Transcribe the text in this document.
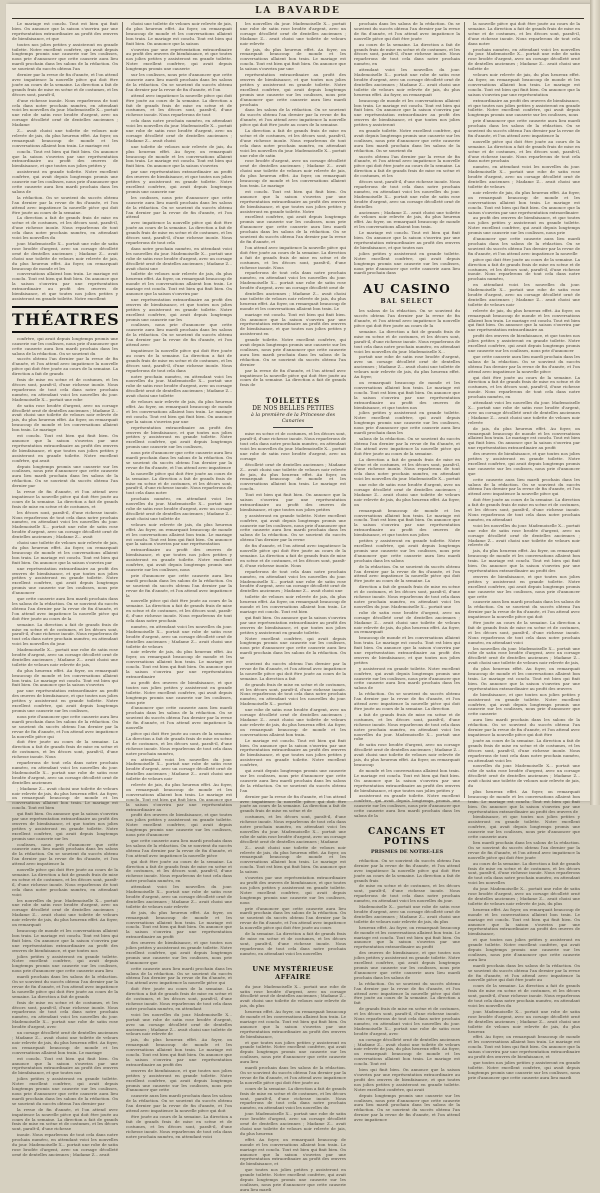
LA BAVARDE

Le mariage est conclu. Tout est bien qui finit bien. On annonce que la saison s'ouvrira par une représentation extraordinaire au profit des œuvres de bienfaisance, et que

toutes nos jolies petites y assisteront en grande toilette. Notre excellent confrère, qui avait depuis longtemps promis une causerie sur les coulisses, nous prie d'annoncer que cette causerie aura lieu mardi prochain dans les salons de la rédaction. On se souvient du succès obtenu l'an

dernier par la revue de fin d'année, et l'on attend avec impatience la nouvelle pièce qui doit être jouée au cours de la semaine. La direction a fait de grands frais de mise en scène et de costumes, et les décors sont, paraît-il,

d'une richesse inouïe. Nous reparlerons de tout cela dans notre prochain numéro, en attendant voici les nouvelles du jour. Mademoiselle X... portait une robe de satin rose brodée d'argent, avec un corsage décolleté orné de dentelles anciennes ; Madame

Z... avait choisi une toilette de velours noir relevée de jais, du plus heureux effet. Au foyer, on remarquait beaucoup de monde et les conversations allaient bon train. Le mariage est

conclu. Tout est bien qui finit bien. On annonce que la saison s'ouvrira par une représentation extraordinaire au profit des œuvres de bienfaisance, et que toutes nos jolies petites y

assisteront en grande toilette. Notre excellent confrère, qui avait depuis longtemps promis une causerie sur les coulisses, nous prie d'annoncer que cette causerie aura lieu mardi prochain dans les salons de

la rédaction. On se souvient du succès obtenu l'an dernier par la revue de fin d'année, et l'on attend avec impatience la nouvelle pièce qui doit être jouée au cours de la semaine.

La direction a fait de grands frais de mise en scène et de costumes, et les décors sont, paraît-il, d'une richesse inouïe. Nous reparlerons de tout cela dans notre prochain numéro, en attendant voici les nouvelles du

jour. Mademoiselle X... portait une robe de satin rose brodée d'argent, avec un corsage décolleté orné de dentelles anciennes ; Madame Z... avait choisi une toilette de velours noir relevée de jais, du plus heureux effet. Au foyer, on remarquait beaucoup de monde et les

conversations allaient bon train. Le mariage est conclu. Tout est bien qui finit bien. On annonce que la saison s'ouvrira par une représentation extraordinaire au profit des œuvres de bienfaisance, et que toutes nos jolies petites y assisteront en grande toilette. Notre excellent

THÉATRES

confrère, qui avait depuis longtemps promis une causerie sur les coulisses, nous prie d'annoncer que cette causerie aura lieu mardi prochain dans les salons de la rédaction. On se souvient du

succès obtenu l'an dernier par la revue de fin d'année, et l'on attend avec impatience la nouvelle pièce qui doit être jouée au cours de la semaine. La direction a fait de grands

frais de mise en scène et de costumes, et les décors sont, paraît-il, d'une richesse inouïe. Nous reparlerons de tout cela dans notre prochain numéro, en attendant voici les nouvelles du jour. Mademoiselle X... portait une robe

de satin rose brodée d'argent, avec un corsage décolleté orné de dentelles anciennes ; Madame Z... avait choisi une toilette de velours noir relevée de jais, du plus heureux effet. Au foyer, on remarquait beaucoup de monde et les conversations allaient bon train. Le mariage

est conclu. Tout est bien qui finit bien. On annonce que la saison s'ouvrira par une représentation extraordinaire au profit des œuvres de bienfaisance, et que toutes nos jolies petites y assisteront en grande toilette. Notre excellent confrère, qui avait

depuis longtemps promis une causerie sur les coulisses, nous prie d'annoncer que cette causerie aura lieu mardi prochain dans les salons de la rédaction. On se souvient du succès obtenu l'an dernier par

la revue de fin d'année, et l'on attend avec impatience la nouvelle pièce qui doit être jouée au cours de la semaine. La direction a fait de grands frais de mise en scène et de costumes, et

les décors sont, paraît-il, d'une richesse inouïe. Nous reparlerons de tout cela dans notre prochain numéro, en attendant voici les nouvelles du jour. Mademoiselle X... portait une robe de satin rose brodée d'argent, avec un corsage décolleté orné de dentelles anciennes ; Madame Z... avait

choisi une toilette de velours noir relevée de jais, du plus heureux effet. Au foyer, on remarquait beaucoup de monde et les conversations allaient bon train. Le mariage est conclu. Tout est bien qui finit bien. On annonce que la saison s'ouvrira par

une représentation extraordinaire au profit des œuvres de bienfaisance, et que toutes nos jolies petites y assisteront en grande toilette. Notre excellent confrère, qui avait depuis longtemps promis une causerie sur les coulisses, nous prie d'annoncer

que cette causerie aura lieu mardi prochain dans les salons de la rédaction. On se souvient du succès obtenu l'an dernier par la revue de fin d'année, et l'on attend avec impatience la nouvelle pièce qui doit être jouée au cours de la

semaine. La direction a fait de grands frais de mise en scène et de costumes, et les décors sont, paraît-il, d'une richesse inouïe. Nous reparlerons de tout cela dans notre prochain numéro, en attendant voici les nouvelles du jour.

Mademoiselle X... portait une robe de satin rose brodée d'argent, avec un corsage décolleté orné de dentelles anciennes ; Madame Z... avait choisi une toilette de velours noir relevée de jais,

du plus heureux effet. Au foyer, on remarquait beaucoup de monde et les conversations allaient bon train. Le mariage est conclu. Tout est bien qui finit bien. On annonce que la saison s'ouvrira

par une représentation extraordinaire au profit des œuvres de bienfaisance, et que toutes nos jolies petites y assisteront en grande toilette. Notre excellent confrère, qui avait depuis longtemps promis une causerie sur les coulisses,

nous prie d'annoncer que cette causerie aura lieu mardi prochain dans les salons de la rédaction. On se souvient du succès obtenu l'an dernier par la revue de fin d'année, et l'on attend avec impatience la nouvelle pièce qui

doit être jouée au cours de la semaine. La direction a fait de grands frais de mise en scène et de costumes, et les décors sont, paraît-il, d'une richesse inouïe. Nous

reparlerons de tout cela dans notre prochain numéro, en attendant voici les nouvelles du jour. Mademoiselle X... portait une robe de satin rose brodée d'argent, avec un corsage décolleté orné de dentelles anciennes

; Madame Z... avait choisi une toilette de velours noir relevée de jais, du plus heureux effet. Au foyer, on remarquait beaucoup de monde et les conversations allaient bon train. Le mariage est conclu. Tout est bien

qui finit bien. On annonce que la saison s'ouvrira par une représentation extraordinaire au profit des œuvres de bienfaisance, et que toutes nos jolies petites y assisteront en grande toilette. Notre excellent confrère, qui avait depuis longtemps promis une causerie sur les

coulisses, nous prie d'annoncer que cette causerie aura lieu mardi prochain dans les salons de la rédaction. On se souvient du succès obtenu l'an dernier par la revue de fin d'année, et l'on attend avec impatience la

nouvelle pièce qui doit être jouée au cours de la semaine. La direction a fait de grands frais de mise en scène et de costumes, et les décors sont, paraît-il, d'une richesse inouïe. Nous reparlerons de tout cela dans notre prochain numéro, en attendant voici

les nouvelles du jour. Mademoiselle X... portait une robe de satin rose brodée d'argent, avec un corsage décolleté orné de dentelles anciennes ; Madame Z... avait choisi une toilette de velours noir relevée de jais, du plus heureux effet. Au foyer, on remarquait

beaucoup de monde et les conversations allaient bon train. Le mariage est conclu. Tout est bien qui finit bien. On annonce que la saison s'ouvrira par une représentation extraordinaire au profit des œuvres de bienfaisance, et que toutes nos

jolies petites y assisteront en grande toilette. Notre excellent confrère, qui avait depuis longtemps promis une causerie sur les coulisses, nous prie d'annoncer que cette causerie aura lieu

mardi prochain dans les salons de la rédaction. On se souvient du succès obtenu l'an dernier par la revue de fin d'année, et l'on attend avec impatience la nouvelle pièce qui doit être jouée au cours de la semaine. La direction a fait de grands

frais de mise en scène et de costumes, et les décors sont, paraît-il, d'une richesse inouïe. Nous reparlerons de tout cela dans notre prochain numéro, en attendant voici les nouvelles du jour. Mademoiselle X... portait une robe de satin rose brodée d'argent, avec

un corsage décolleté orné de dentelles anciennes ; Madame Z... avait choisi une toilette de velours noir relevée de jais, du plus heureux effet. Au foyer, on remarquait beaucoup de monde et les conversations allaient bon train. Le mariage

est conclu. Tout est bien qui finit bien. On annonce que la saison s'ouvrira par une représentation extraordinaire au profit des œuvres de bienfaisance, et que toutes nos

jolies petites y assisteront en grande toilette. Notre excellent confrère, qui avait depuis longtemps promis une causerie sur les coulisses, nous prie d'annoncer que cette causerie aura lieu mardi prochain dans les salons de la rédaction. On se souvient du succès obtenu l'an dernier par

la revue de fin d'année, et l'on attend avec impatience la nouvelle pièce qui doit être jouée au cours de la semaine. La direction a fait de grands frais de mise en scène et de costumes, et les décors sont, paraît-il, d'une richesse

inouïe. Nous reparlerons de tout cela dans notre prochain numéro, en attendant voici les nouvelles du jour. Mademoiselle X... portait une robe de satin rose brodée d'argent, avec un corsage décolleté orné de dentelles anciennes ; Madame Z... avait

choisi une toilette de velours noir relevée de jais, du plus heureux effet. Au foyer, on remarquait beaucoup de monde et les conversations allaient bon train. Le mariage est conclu. Tout est bien qui finit bien. On annonce que la saison

s'ouvrira par une représentation extraordinaire au profit des œuvres de bienfaisance, et que toutes nos jolies petites y assisteront en grande toilette. Notre excellent confrère, qui avait depuis longtemps promis une causerie

sur les coulisses, nous prie d'annoncer que cette causerie aura lieu mardi prochain dans les salons de la rédaction. On se souvient du succès obtenu l'an dernier par la revue de fin d'année, et l'on

attend avec impatience la nouvelle pièce qui doit être jouée au cours de la semaine. La direction a fait de grands frais de mise en scène et de costumes, et les décors sont, paraît-il, d'une richesse inouïe. Nous reparlerons de tout

cela dans notre prochain numéro, en attendant voici les nouvelles du jour. Mademoiselle X... portait une robe de satin rose brodée d'argent, avec un corsage décolleté orné de dentelles anciennes ; Madame Z... avait choisi

une toilette de velours noir relevée de jais, du plus heureux effet. Au foyer, on remarquait beaucoup de monde et les conversations allaient bon train. Le mariage est conclu. Tout est bien qui finit bien. On annonce que la saison s'ouvrira

par une représentation extraordinaire au profit des œuvres de bienfaisance, et que toutes nos jolies petites y assisteront en grande toilette. Notre excellent confrère, qui avait depuis longtemps promis une causerie sur

les coulisses, nous prie d'annoncer que cette causerie aura lieu mardi prochain dans les salons de la rédaction. On se souvient du succès obtenu l'an dernier par la revue de fin d'année, et l'on attend

avec impatience la nouvelle pièce qui doit être jouée au cours de la semaine. La direction a fait de grands frais de mise en scène et de costumes, et les décors sont, paraît-il, d'une richesse inouïe. Nous reparlerons de tout cela

dans notre prochain numéro, en attendant voici les nouvelles du jour. Mademoiselle X... portait une robe de satin rose brodée d'argent, avec un corsage décolleté orné de dentelles anciennes ; Madame Z... avait choisi une

toilette de velours noir relevée de jais, du plus heureux effet. Au foyer, on remarquait beaucoup de monde et les conversations allaient bon train. Le mariage est conclu. Tout est bien qui finit bien. On annonce que la saison s'ouvrira par

une représentation extraordinaire au profit des œuvres de bienfaisance, et que toutes nos jolies petites y assisteront en grande toilette. Notre excellent confrère, qui avait depuis longtemps promis une causerie sur les

coulisses, nous prie d'annoncer que cette causerie aura lieu mardi prochain dans les salons de la rédaction. On se souvient du succès obtenu l'an dernier par la revue de fin d'année, et l'on attend avec

impatience la nouvelle pièce qui doit être jouée au cours de la semaine. La direction a fait de grands frais de mise en scène et de costumes, et les décors sont, paraît-il, d'une richesse inouïe. Nous reparlerons de tout cela dans

notre prochain numéro, en attendant voici les nouvelles du jour. Mademoiselle X... portait une robe de satin rose brodée d'argent, avec un corsage décolleté orné de dentelles anciennes ; Madame Z... avait choisi une toilette

de velours noir relevée de jais, du plus heureux effet. Au foyer, on remarquait beaucoup de monde et les conversations allaient bon train. Le mariage est conclu. Tout est bien qui finit bien. On annonce que la saison s'ouvrira par une

représentation extraordinaire au profit des œuvres de bienfaisance, et que toutes nos jolies petites y assisteront en grande toilette. Notre excellent confrère, qui avait depuis longtemps promis une causerie sur les coulisses,

nous prie d'annoncer que cette causerie aura lieu mardi prochain dans les salons de la rédaction. On se souvient du succès obtenu l'an dernier par la revue de fin d'année, et l'on attend avec impatience

la nouvelle pièce qui doit être jouée au cours de la semaine. La direction a fait de grands frais de mise en scène et de costumes, et les décors sont, paraît-il, d'une richesse inouïe. Nous reparlerons de tout cela dans notre

prochain numéro, en attendant voici les nouvelles du jour. Mademoiselle X... portait une robe de satin rose brodée d'argent, avec un corsage décolleté orné de dentelles anciennes ; Madame Z... avait choisi une toilette de

velours noir relevée de jais, du plus heureux effet. Au foyer, on remarquait beaucoup de monde et les conversations allaient bon train. Le mariage est conclu. Tout est bien qui finit bien. On annonce que la saison s'ouvrira par une représentation

extraordinaire au profit des œuvres de bienfaisance, et que toutes nos jolies petites y assisteront en grande toilette. Notre excellent confrère, qui avait depuis longtemps promis une causerie sur les coulisses, nous

prie d'annoncer que cette causerie aura lieu mardi prochain dans les salons de la rédaction. On se souvient du succès obtenu l'an dernier par la revue de fin d'année, et l'on attend avec impatience la

nouvelle pièce qui doit être jouée au cours de la semaine. La direction a fait de grands frais de mise en scène et de costumes, et les décors sont, paraît-il, d'une richesse inouïe. Nous reparlerons de tout cela dans notre prochain

numéro, en attendant voici les nouvelles du jour. Mademoiselle X... portait une robe de satin rose brodée d'argent, avec un corsage décolleté orné de dentelles anciennes ; Madame Z... avait choisi une toilette de velours

noir relevée de jais, du plus heureux effet. Au foyer, on remarquait beaucoup de monde et les conversations allaient bon train. Le mariage est conclu. Tout est bien qui finit bien. On annonce que la saison s'ouvrira par une représentation extraordinaire

au profit des œuvres de bienfaisance, et que toutes nos jolies petites y assisteront en grande toilette. Notre excellent confrère, qui avait depuis longtemps promis une causerie sur les coulisses, nous prie

d'annoncer que cette causerie aura lieu mardi prochain dans les salons de la rédaction. On se souvient du succès obtenu l'an dernier par la revue de fin d'année, et l'on attend avec impatience la nouvelle

pièce qui doit être jouée au cours de la semaine. La direction a fait de grands frais de mise en scène et de costumes, et les décors sont, paraît-il, d'une richesse inouïe. Nous reparlerons de tout cela dans notre prochain numéro,

en attendant voici les nouvelles du jour. Mademoiselle X... portait une robe de satin rose brodée d'argent, avec un corsage décolleté orné de dentelles anciennes ; Madame Z... avait choisi une toilette de velours noir

relevée de jais, du plus heureux effet. Au foyer, on remarquait beaucoup de monde et les conversations allaient bon train. Le mariage est conclu. Tout est bien qui finit bien. On annonce que la saison s'ouvrira par une représentation extraordinaire au

profit des œuvres de bienfaisance, et que toutes nos jolies petites y assisteront en grande toilette. Notre excellent confrère, qui avait depuis longtemps promis une causerie sur les coulisses, nous prie d'annoncer

que cette causerie aura lieu mardi prochain dans les salons de la rédaction. On se souvient du succès obtenu l'an dernier par la revue de fin d'année, et l'on attend avec impatience la nouvelle pièce

qui doit être jouée au cours de la semaine. La direction a fait de grands frais de mise en scène et de costumes, et les décors sont, paraît-il, d'une richesse inouïe. Nous reparlerons de tout cela dans notre prochain numéro, en

attendant voici les nouvelles du jour. Mademoiselle X... portait une robe de satin rose brodée d'argent, avec un corsage décolleté orné de dentelles anciennes ; Madame Z... avait choisi une toilette de velours noir relevée

de jais, du plus heureux effet. Au foyer, on remarquait beaucoup de monde et les conversations allaient bon train. Le mariage est conclu. Tout est bien qui finit bien. On annonce que la saison s'ouvrira par une représentation extraordinaire au profit

des œuvres de bienfaisance, et que toutes nos jolies petites y assisteront en grande toilette. Notre excellent confrère, qui avait depuis longtemps promis une causerie sur les coulisses, nous prie d'annoncer que

cette causerie aura lieu mardi prochain dans les salons de la rédaction. On se souvient du succès obtenu l'an dernier par la revue de fin d'année, et l'on attend avec impatience la nouvelle pièce qui

doit être jouée au cours de la semaine. La direction a fait de grands frais de mise en scène et de costumes, et les décors sont, paraît-il, d'une richesse inouïe. Nous reparlerons de tout cela dans notre prochain numéro, en attendant

voici les nouvelles du jour. Mademoiselle X... portait une robe de satin rose brodée d'argent, avec un corsage décolleté orné de dentelles anciennes ; Madame Z... avait choisi une toilette de velours noir relevée de

jais, du plus heureux effet. Au foyer, on remarquait beaucoup de monde et les conversations allaient bon train. Le mariage est conclu. Tout est bien qui finit bien. On annonce que la saison s'ouvrira par une représentation extraordinaire au profit des

œuvres de bienfaisance, et que toutes nos jolies petites y assisteront en grande toilette. Notre excellent confrère, qui avait depuis longtemps promis une causerie sur les coulisses, nous prie d'annoncer que cette

causerie aura lieu mardi prochain dans les salons de la rédaction. On se souvient du succès obtenu l'an dernier par la revue de fin d'année, et l'on attend avec impatience la nouvelle pièce qui doit

être jouée au cours de la semaine. La direction a fait de grands frais de mise en scène et de costumes, et les décors sont, paraît-il, d'une richesse inouïe. Nous reparlerons de tout cela dans notre prochain numéro, en attendant voici

les nouvelles du jour. Mademoiselle X... portait une robe de satin rose brodée d'argent, avec un corsage décolleté orné de dentelles anciennes ; Madame Z... avait choisi une toilette de velours noir relevée

de jais, du plus heureux effet. Au foyer, on remarquait beaucoup de monde et les conversations allaient bon train. Le mariage est conclu. Tout est bien qui finit bien. On annonce que la saison s'ouvrira par une

représentation extraordinaire au profit des œuvres de bienfaisance, et que toutes nos jolies petites y assisteront en grande toilette. Notre excellent confrère, qui avait depuis longtemps promis une causerie sur les coulisses, nous prie d'annoncer que cette causerie aura lieu mardi prochain

dans les salons de la rédaction. On se souvient du succès obtenu l'an dernier par la revue de fin d'année, et l'on attend avec impatience la nouvelle pièce qui doit être jouée au cours de la semaine.

La direction a fait de grands frais de mise en scène et de costumes, et les décors sont, paraît-il, d'une richesse inouïe. Nous reparlerons de tout cela dans notre prochain numéro, en attendant voici les nouvelles du jour. Mademoiselle X... portait une robe de satin

rose brodée d'argent, avec un corsage décolleté orné de dentelles anciennes ; Madame Z... avait choisi une toilette de velours noir relevée de jais, du plus heureux effet. Au foyer, on remarquait beaucoup de monde et les conversations allaient bon train. Le mariage

est conclu. Tout est bien qui finit bien. On annonce que la saison s'ouvrira par une représentation extraordinaire au profit des œuvres de bienfaisance, et que toutes nos jolies petites y assisteront en grande toilette. Notre

excellent confrère, qui avait depuis longtemps promis une causerie sur les coulisses, nous prie d'annoncer que cette causerie aura lieu mardi prochain dans les salons de la rédaction. On se souvient du succès obtenu l'an dernier par la revue de fin d'année, et

l'on attend avec impatience la nouvelle pièce qui doit être jouée au cours de la semaine. La direction a fait de grands frais de mise en scène et de costumes, et les décors sont, paraît-il, d'une richesse inouïe. Nous

reparlerons de tout cela dans notre prochain numéro, en attendant voici les nouvelles du jour. Mademoiselle X... portait une robe de satin rose brodée d'argent, avec un corsage décolleté orné de

dentelles anciennes ; Madame Z... avait choisi une toilette de velours noir relevée de jais, du plus heureux effet. Au foyer, on remarquait beaucoup de monde et les conversations allaient bon train. Le

mariage est conclu. Tout est bien qui finit bien. On annonce que la saison s'ouvrira par une représentation extraordinaire au profit des œuvres de bienfaisance, et que toutes nos jolies petites y assisteront en

grande toilette. Notre excellent confrère, qui avait depuis longtemps promis une causerie sur les coulisses, nous prie d'annoncer que cette causerie aura lieu mardi prochain dans les salons de la rédaction. On se souvient du succès obtenu l'an dernier

par la revue de fin d'année, et l'on attend avec impatience la nouvelle pièce qui doit être jouée au cours de la semaine. La direction a fait de grands frais de

TOILETTES
DE NOS BELLES PETITES
à la première de la Princesse des Canaries

mise en scène et de costumes, et les décors sont, paraît-il, d'une richesse inouïe. Nous reparlerons de tout cela dans notre prochain numéro, en attendant voici les nouvelles du jour. Mademoiselle X... portait une robe de satin rose brodée d'argent, avec un corsage

décolleté orné de dentelles anciennes ; Madame Z... avait choisi une toilette de velours noir relevée de jais, du plus heureux effet. Au foyer, on remarquait beaucoup de monde et les conversations allaient bon train. Le mariage est conclu.

Tout est bien qui finit bien. On annonce que la saison s'ouvrira par une représentation extraordinaire au profit des œuvres de bienfaisance, et que toutes nos jolies petites

y assisteront en grande toilette. Notre excellent confrère, qui avait depuis longtemps promis une causerie sur les coulisses, nous prie d'annoncer que cette causerie aura lieu mardi prochain dans les salons de la rédaction. On se souvient du succès obtenu l'an dernier par la revue

de fin d'année, et l'on attend avec impatience la nouvelle pièce qui doit être jouée au cours de la semaine. La direction a fait de grands frais de mise en scène et de costumes, et les décors sont, paraît-il, d'une richesse inouïe. Nous

reparlerons de tout cela dans notre prochain numéro, en attendant voici les nouvelles du jour. Mademoiselle X... portait une robe de satin rose brodée d'argent, avec un corsage décolleté orné de dentelles anciennes ; Madame Z... avait choisi une

toilette de velours noir relevée de jais, du plus heureux effet. Au foyer, on remarquait beaucoup de monde et les conversations allaient bon train. Le mariage est conclu. Tout est bien

qui finit bien. On annonce que la saison s'ouvrira par une représentation extraordinaire au profit des œuvres de bienfaisance, et que toutes nos jolies petites y assisteront en grande toilette.

Notre excellent confrère, qui avait depuis longtemps promis une causerie sur les coulisses, nous prie d'annoncer que cette causerie aura lieu mardi prochain dans les salons de la rédaction. On se

souvient du succès obtenu l'an dernier par la revue de fin d'année, et l'on attend avec impatience la nouvelle pièce qui doit être jouée au cours de la semaine. La direction a fait

de grands frais de mise en scène et de costumes, et les décors sont, paraît-il, d'une richesse inouïe. Nous reparlerons de tout cela dans notre prochain numéro, en attendant voici les nouvelles du jour. Mademoiselle X... portait

une robe de satin rose brodée d'argent, avec un corsage décolleté orné de dentelles anciennes ; Madame Z... avait choisi une toilette de velours noir relevée de jais, du plus heureux effet. Au foyer, on remarquait beaucoup de monde et les conversations allaient bon train.

Le mariage est conclu. Tout est bien qui finit bien. On annonce que la saison s'ouvrira par une représentation extraordinaire au profit des œuvres de bienfaisance, et que toutes nos jolies petites y assisteront en grande toilette. Notre excellent confrère,

qui avait depuis longtemps promis une causerie sur les coulisses, nous prie d'annoncer que cette causerie aura lieu mardi prochain dans les salons de la rédaction. On se souvient du succès obtenu l'an

dernier par la revue de fin d'année, et l'on attend avec impatience la nouvelle pièce qui doit être jouée au cours de la semaine. La direction a fait de grands frais de mise en scène et de

costumes, et les décors sont, paraît-il, d'une richesse inouïe. Nous reparlerons de tout cela dans notre prochain numéro, en attendant voici les nouvelles du jour. Mademoiselle X... portait une robe de satin rose brodée d'argent, avec un corsage décolleté orné de dentelles anciennes ; Madame

Z... avait choisi une toilette de velours noir relevée de jais, du plus heureux effet. Au foyer, on remarquait beaucoup de monde et les conversations allaient bon train. Le mariage est conclu. Tout est bien qui finit bien. On annonce que la saison

s'ouvrira par une représentation extraordinaire au profit des œuvres de bienfaisance, et que toutes nos jolies petites y assisteront en grande toilette. Notre excellent confrère, qui avait depuis longtemps promis une causerie sur les coulisses, nous

prie d'annoncer que cette causerie aura lieu mardi prochain dans les salons de la rédaction. On se souvient du succès obtenu l'an dernier par la revue de fin d'année, et l'on attend avec impatience la nouvelle pièce qui doit être jouée au cours

de la semaine. La direction a fait de grands frais de mise en scène et de costumes, et les décors sont, paraît-il, d'une richesse inouïe. Nous reparlerons de tout cela dans notre prochain numéro, en attendant voici les nouvelles

UNE MYSTÉRIEUSE AFFAIRE

du jour. Mademoiselle X... portait une robe de satin rose brodée d'argent, avec un corsage décolleté orné de dentelles anciennes ; Madame Z... avait choisi une toilette de velours noir relevée de jais, du plus

heureux effet. Au foyer, on remarquait beaucoup de monde et les conversations allaient bon train. Le mariage est conclu. Tout est bien qui finit bien. On annonce que la saison s'ouvrira par une représentation extraordinaire au profit des œuvres de bienfaisance,

et que toutes nos jolies petites y assisteront en grande toilette. Notre excellent confrère, qui avait depuis longtemps promis une causerie sur les coulisses, nous prie d'annoncer que cette causerie aura lieu

mardi prochain dans les salons de la rédaction. On se souvient du succès obtenu l'an dernier par la revue de fin d'année, et l'on attend avec impatience la nouvelle pièce qui doit être jouée au

cours de la semaine. La direction a fait de grands frais de mise en scène et de costumes, et les décors sont, paraît-il, d'une richesse inouïe. Nous reparlerons de tout cela dans notre prochain numéro, en attendant voici les nouvelles du

jour. Mademoiselle X... portait une robe de satin rose brodée d'argent, avec un corsage décolleté orné de dentelles anciennes ; Madame Z... avait choisi une toilette de velours noir relevée de jais, du plus heureux

effet. Au foyer, on remarquait beaucoup de monde et les conversations allaient bon train. Le mariage est conclu. Tout est bien qui finit bien. On annonce que la saison s'ouvrira par une représentation extraordinaire au profit des œuvres de bienfaisance, et

que toutes nos jolies petites y assisteront en grande toilette. Notre excellent confrère, qui avait depuis longtemps promis une causerie sur les coulisses, nous prie d'annoncer que cette causerie aura lieu mardi

prochain dans les salons de la rédaction. On se souvient du succès obtenu l'an dernier par la revue de fin d'année, et l'on attend avec impatience la nouvelle pièce qui doit être jouée

au cours de la semaine. La direction a fait de grands frais de mise en scène et de costumes, et les décors sont, paraît-il, d'une richesse inouïe. Nous reparlerons de tout cela dans notre prochain numéro, en

attendant voici les nouvelles du jour. Mademoiselle X... portait une robe de satin rose brodée d'argent, avec un corsage décolleté orné de dentelles anciennes ; Madame Z... avait choisi une toilette de velours noir relevée de jais, du plus heureux effet. Au foyer, on remarquait

beaucoup de monde et les conversations allaient bon train. Le mariage est conclu. Tout est bien qui finit bien. On annonce que la saison s'ouvrira par une représentation extraordinaire au profit des œuvres de bienfaisance, et que toutes nos jolies petites y assisteront

en grande toilette. Notre excellent confrère, qui avait depuis longtemps promis une causerie sur les coulisses, nous prie d'annoncer que cette causerie aura lieu mardi prochain dans les salons de la rédaction. On se souvient du

succès obtenu l'an dernier par la revue de fin d'année, et l'on attend avec impatience la nouvelle pièce qui doit être jouée au cours de la semaine. La direction a fait de grands frais de mise en scène et de costumes, et les

décors sont, paraît-il, d'une richesse inouïe. Nous reparlerons de tout cela dans notre prochain numéro, en attendant voici les nouvelles du jour. Mademoiselle X... portait une robe de satin rose brodée d'argent, avec un corsage décolleté orné de dentelles

anciennes ; Madame Z... avait choisi une toilette de velours noir relevée de jais, du plus heureux effet. Au foyer, on remarquait beaucoup de monde et les conversations allaient bon train.

Le mariage est conclu. Tout est bien qui finit bien. On annonce que la saison s'ouvrira par une représentation extraordinaire au profit des œuvres de bienfaisance, et que toutes nos

jolies petites y assisteront en grande toilette. Notre excellent confrère, qui avait depuis longtemps promis une causerie sur les coulisses, nous prie d'annoncer que cette causerie aura lieu mardi prochain dans

AU CASINO
BAL SELECT

les salons de la rédaction. On se souvient du succès obtenu l'an dernier par la revue de fin d'année, et l'on attend avec impatience la nouvelle pièce qui doit être jouée au cours de la

semaine. La direction a fait de grands frais de mise en scène et de costumes, et les décors sont, paraît-il, d'une richesse inouïe. Nous reparlerons de tout cela dans notre prochain numéro, en attendant voici les nouvelles du jour. Mademoiselle X...

portait une robe de satin rose brodée d'argent, avec un corsage décolleté orné de dentelles anciennes ; Madame Z... avait choisi une toilette de velours noir relevée de jais, du plus heureux effet. Au foyer,

on remarquait beaucoup de monde et les conversations allaient bon train. Le mariage est conclu. Tout est bien qui finit bien. On annonce que la saison s'ouvrira par une représentation extraordinaire au profit des œuvres de bienfaisance, et que toutes nos

jolies petites y assisteront en grande toilette. Notre excellent confrère, qui avait depuis longtemps promis une causerie sur les coulisses, nous prie d'annoncer que cette causerie aura lieu mardi prochain dans les

salons de la rédaction. On se souvient du succès obtenu l'an dernier par la revue de fin d'année, et l'on attend avec impatience la nouvelle pièce qui doit être jouée au cours de la semaine.

La direction a fait de grands frais de mise en scène et de costumes, et les décors sont, paraît-il, d'une richesse inouïe. Nous reparlerons de tout cela dans notre prochain numéro, en attendant voici les nouvelles du jour. Mademoiselle X... portait

une robe de satin rose brodée d'argent, avec un corsage décolleté orné de dentelles anciennes ; Madame Z... avait choisi une toilette de velours noir relevée de jais, du plus heureux effet. Au foyer, on

remarquait beaucoup de monde et les conversations allaient bon train. Le mariage est conclu. Tout est bien qui finit bien. On annonce que la saison s'ouvrira par une représentation extraordinaire au profit des œuvres de bienfaisance, et que toutes nos jolies

petites y assisteront en grande toilette. Notre excellent confrère, qui avait depuis longtemps promis une causerie sur les coulisses, nous prie d'annoncer que cette causerie aura lieu mardi prochain dans les salons

de la rédaction. On se souvient du succès obtenu l'an dernier par la revue de fin d'année, et l'on attend avec impatience la nouvelle pièce qui doit être jouée au cours de la semaine. La

direction a fait de grands frais de mise en scène et de costumes, et les décors sont, paraît-il, d'une richesse inouïe. Nous reparlerons de tout cela dans notre prochain numéro, en attendant voici les nouvelles du jour. Mademoiselle X... portait une

robe de satin rose brodée d'argent, avec un corsage décolleté orné de dentelles anciennes ; Madame Z... avait choisi une toilette de velours noir relevée de jais, du plus heureux effet. Au foyer, on remarquait

beaucoup de monde et les conversations allaient bon train. Le mariage est conclu. Tout est bien qui finit bien. On annonce que la saison s'ouvrira par une représentation extraordinaire au profit des œuvres de bienfaisance, et que toutes nos jolies petites

y assisteront en grande toilette. Notre excellent confrère, qui avait depuis longtemps promis une causerie sur les coulisses, nous prie d'annoncer que cette causerie aura lieu mardi prochain dans les salons de

la rédaction. On se souvient du succès obtenu l'an dernier par la revue de fin d'année, et l'on attend avec impatience la nouvelle pièce qui doit être jouée au cours de la semaine. La direction

a fait de grands frais de mise en scène et de costumes, et les décors sont, paraît-il, d'une richesse inouïe. Nous reparlerons de tout cela dans notre prochain numéro, en attendant voici les nouvelles du jour. Mademoiselle X... portait une robe

de satin rose brodée d'argent, avec un corsage décolleté orné de dentelles anciennes ; Madame Z... avait choisi une toilette de velours noir relevée de jais, du plus heureux effet. Au foyer, on remarquait beaucoup

de monde et les conversations allaient bon train. Le mariage est conclu. Tout est bien qui finit bien. On annonce que la saison s'ouvrira par une représentation extraordinaire au profit des œuvres de bienfaisance, et que toutes nos jolies petites y

assisteront en grande toilette. Notre excellent confrère, qui avait depuis longtemps promis une causerie sur les coulisses, nous prie d'annoncer que cette causerie aura lieu mardi prochain dans les salons de la

CANCANS ET POTINS
PRISMES DE NOTRE-LES

rédaction. On se souvient du succès obtenu l'an dernier par la revue de fin d'année, et l'on attend avec impatience la nouvelle pièce qui doit être jouée au cours de la semaine. La direction a fait de grands frais

de mise en scène et de costumes, et les décors sont, paraît-il, d'une richesse inouïe. Nous reparlerons de tout cela dans notre prochain numéro, en attendant voici les nouvelles du jour.

Mademoiselle X... portait une robe de satin rose brodée d'argent, avec un corsage décolleté orné de dentelles anciennes ; Madame Z... avait choisi une toilette de velours noir relevée de jais, du plus

heureux effet. Au foyer, on remarquait beaucoup de monde et les conversations allaient bon train. Le mariage est conclu. Tout est bien qui finit bien. On annonce que la saison s'ouvrira par une représentation extraordinaire au profit

des œuvres de bienfaisance, et que toutes nos jolies petites y assisteront en grande toilette. Notre excellent confrère, qui avait depuis longtemps promis une causerie sur les coulisses, nous prie d'annoncer que cette causerie aura lieu mardi prochain dans les salons de

la rédaction. On se souvient du succès obtenu l'an dernier par la revue de fin d'année, et l'on attend avec impatience la nouvelle pièce qui doit être jouée au cours de la semaine. La direction a fait

de grands frais de mise en scène et de costumes, et les décors sont, paraît-il, d'une richesse inouïe. Nous reparlerons de tout cela dans notre prochain numéro, en attendant voici les nouvelles du jour. Mademoiselle X... portait une robe de satin rose brodée d'argent, avec

un corsage décolleté orné de dentelles anciennes ; Madame Z... avait choisi une toilette de velours noir relevée de jais, du plus heureux effet. Au foyer, on remarquait beaucoup de monde et les conversations allaient bon train. Le mariage est conclu. Tout est

bien qui finit bien. On annonce que la saison s'ouvrira par une représentation extraordinaire au profit des œuvres de bienfaisance, et que toutes nos jolies petites y assisteront en grande toilette. Notre excellent confrère, qui avait

depuis longtemps promis une causerie sur les coulisses, nous prie d'annoncer que cette causerie aura lieu mardi prochain dans les salons de la rédaction. On se souvient du succès obtenu l'an dernier par la revue de fin d'année, et l'on attend avec impatience

la nouvelle pièce qui doit être jouée au cours de la semaine. La direction a fait de grands frais de mise en scène et de costumes, et les décors sont, paraît-il, d'une richesse inouïe. Nous reparlerons de tout cela dans notre

prochain numéro, en attendant voici les nouvelles du jour. Mademoiselle X... portait une robe de satin rose brodée d'argent, avec un corsage décolleté orné de dentelles anciennes ; Madame Z... avait choisi une toilette de

velours noir relevée de jais, du plus heureux effet. Au foyer, on remarquait beaucoup de monde et les conversations allaient bon train. Le mariage est conclu. Tout est bien qui finit bien. On annonce que la saison s'ouvrira par une représentation

extraordinaire au profit des œuvres de bienfaisance, et que toutes nos jolies petites y assisteront en grande toilette. Notre excellent confrère, qui avait depuis longtemps promis une causerie sur les coulisses, nous

prie d'annoncer que cette causerie aura lieu mardi prochain dans les salons de la rédaction. On se souvient du succès obtenu l'an dernier par la revue de fin d'année, et l'on attend avec impatience la

nouvelle pièce qui doit être jouée au cours de la semaine. La direction a fait de grands frais de mise en scène et de costumes, et les décors sont, paraît-il, d'une richesse inouïe. Nous reparlerons de tout cela dans notre prochain

numéro, en attendant voici les nouvelles du jour. Mademoiselle X... portait une robe de satin rose brodée d'argent, avec un corsage décolleté orné de dentelles anciennes ; Madame Z... avait choisi une toilette de velours

noir relevée de jais, du plus heureux effet. Au foyer, on remarquait beaucoup de monde et les conversations allaient bon train. Le mariage est conclu. Tout est bien qui finit bien. On annonce que la saison s'ouvrira par une représentation extraordinaire

au profit des œuvres de bienfaisance, et que toutes nos jolies petites y assisteront en grande toilette. Notre excellent confrère, qui avait depuis longtemps promis une causerie sur les coulisses, nous prie

d'annoncer que cette causerie aura lieu mardi prochain dans les salons de la rédaction. On se souvient du succès obtenu l'an dernier par la revue de fin d'année, et l'on attend avec impatience la nouvelle

pièce qui doit être jouée au cours de la semaine. La direction a fait de grands frais de mise en scène et de costumes, et les décors sont, paraît-il, d'une richesse inouïe. Nous reparlerons de tout cela dans notre prochain numéro,

en attendant voici les nouvelles du jour. Mademoiselle X... portait une robe de satin rose brodée d'argent, avec un corsage décolleté orné de dentelles anciennes ; Madame Z... avait choisi une toilette de velours noir

relevée de jais, du plus heureux effet. Au foyer, on remarquait beaucoup de monde et les conversations allaient bon train. Le mariage est conclu. Tout est bien qui finit bien. On annonce que la saison s'ouvrira par une représentation extraordinaire au

profit des œuvres de bienfaisance, et que toutes nos jolies petites y assisteront en grande toilette. Notre excellent confrère, qui avait depuis longtemps promis une causerie sur les coulisses, nous prie d'annoncer

que cette causerie aura lieu mardi prochain dans les salons de la rédaction. On se souvient du succès obtenu l'an dernier par la revue de fin d'année, et l'on attend avec impatience la nouvelle pièce

qui doit être jouée au cours de la semaine. La direction a fait de grands frais de mise en scène et de costumes, et les décors sont, paraît-il, d'une richesse inouïe. Nous reparlerons de tout cela dans notre prochain numéro, en

attendant voici les nouvelles du jour. Mademoiselle X... portait une robe de satin rose brodée d'argent, avec un corsage décolleté orné de dentelles anciennes ; Madame Z... avait choisi une toilette de velours noir relevée

de jais, du plus heureux effet. Au foyer, on remarquait beaucoup de monde et les conversations allaient bon train. Le mariage est conclu. Tout est bien qui finit bien. On annonce que la saison s'ouvrira par une représentation extraordinaire au profit

des œuvres de bienfaisance, et que toutes nos jolies petites y assisteront en grande toilette. Notre excellent confrère, qui avait depuis longtemps promis une causerie sur les coulisses, nous prie d'annoncer que

cette causerie aura lieu mardi prochain dans les salons de la rédaction. On se souvient du succès obtenu l'an dernier par la revue de fin d'année, et l'on attend avec impatience la nouvelle pièce qui

doit être jouée au cours de la semaine. La direction a fait de grands frais de mise en scène et de costumes, et les décors sont, paraît-il, d'une richesse inouïe. Nous reparlerons de tout cela dans notre prochain numéro, en attendant

voici les nouvelles du jour. Mademoiselle X... portait une robe de satin rose brodée d'argent, avec un corsage décolleté orné de dentelles anciennes ; Madame Z... avait choisi une toilette de velours noir relevée de

jais, du plus heureux effet. Au foyer, on remarquait beaucoup de monde et les conversations allaient bon train. Le mariage est conclu. Tout est bien qui finit bien. On annonce que la saison s'ouvrira par une représentation extraordinaire au profit des

œuvres de bienfaisance, et que toutes nos jolies petites y assisteront en grande toilette. Notre excellent confrère, qui avait depuis longtemps promis une causerie sur les coulisses, nous prie d'annoncer que cette

causerie aura lieu mardi prochain dans les salons de la rédaction. On se souvient du succès obtenu l'an dernier par la revue de fin d'année, et l'on attend avec impatience la nouvelle pièce qui doit

être jouée au cours de la semaine. La direction a fait de grands frais de mise en scène et de costumes, et les décors sont, paraît-il, d'une richesse inouïe. Nous reparlerons de tout cela dans notre prochain numéro, en attendant voici

les nouvelles du jour. Mademoiselle X... portait une robe de satin rose brodée d'argent, avec un corsage décolleté orné de dentelles anciennes ; Madame Z... avait choisi une toilette de velours noir relevée de jais,

du plus heureux effet. Au foyer, on remarquait beaucoup de monde et les conversations allaient bon train. Le mariage est conclu. Tout est bien qui finit bien. On annonce que la saison s'ouvrira par une représentation extraordinaire au profit des œuvres

de bienfaisance, et que toutes nos jolies petites y assisteront en grande toilette. Notre excellent confrère, qui avait depuis longtemps promis une causerie sur les coulisses, nous prie d'annoncer que cette causerie

aura lieu mardi prochain dans les salons de la rédaction. On se souvient du succès obtenu l'an dernier par la revue de fin d'année, et l'on attend avec impatience la nouvelle pièce qui doit être

jouée au cours de la semaine. La direction a fait de grands frais de mise en scène et de costumes, et les décors sont, paraît-il, d'une richesse inouïe. Nous reparlerons de tout cela dans notre prochain numéro, en attendant voici les

nouvelles du jour. Mademoiselle X... portait une robe de satin rose brodée d'argent, avec un corsage décolleté orné de dentelles anciennes ; Madame Z... avait choisi une toilette de velours noir relevée de jais, du

plus heureux effet. Au foyer, on remarquait beaucoup de monde et les conversations allaient bon train. Le mariage est conclu. Tout est bien qui finit bien. On annonce que la saison s'ouvrira par une représentation extraordinaire au profit des œuvres de

bienfaisance, et que toutes nos jolies petites y assisteront en grande toilette. Notre excellent confrère, qui avait depuis longtemps promis une causerie sur les coulisses, nous prie d'annoncer que cette causerie aura

lieu mardi prochain dans les salons de la rédaction. On se souvient du succès obtenu l'an dernier par la revue de fin d'année, et l'on attend avec impatience la nouvelle pièce qui doit être jouée

au cours de la semaine. La direction a fait de grands frais de mise en scène et de costumes, et les décors sont, paraît-il, d'une richesse inouïe. Nous reparlerons de tout cela dans notre prochain numéro, en attendant voici les nouvelles

du jour. Mademoiselle X... portait une robe de satin rose brodée d'argent, avec un corsage décolleté orné de dentelles anciennes ; Madame Z... avait choisi une toilette de velours noir relevée de jais, du plus

heureux effet. Au foyer, on remarquait beaucoup de monde et les conversations allaient bon train. Le mariage est conclu. Tout est bien qui finit bien. On annonce que la saison s'ouvrira par une représentation extraordinaire au profit des œuvres de bienfaisance,

et que toutes nos jolies petites y assisteront en grande toilette. Notre excellent confrère, qui avait depuis longtemps promis une causerie sur les coulisses, nous prie d'annoncer que cette causerie aura lieu

mardi prochain dans les salons de la rédaction. On se souvient du succès obtenu l'an dernier par la revue de fin d'année, et l'on attend avec impatience la nouvelle pièce qui doit être jouée au

cours de la semaine. La direction a fait de grands frais de mise en scène et de costumes, et les décors sont, paraît-il, d'une richesse inouïe. Nous reparlerons de tout cela dans notre prochain numéro, en attendant voici les nouvelles du

jour. Mademoiselle X... portait une robe de satin rose brodée d'argent, avec un corsage décolleté orné de dentelles anciennes ; Madame Z... avait choisi une toilette de velours noir relevée de jais, du plus heureux

effet. Au foyer, on remarquait beaucoup de monde et les conversations allaient bon train. Le mariage est conclu. Tout est bien qui finit bien. On annonce que la saison s'ouvrira par une représentation extraordinaire au profit des œuvres de bienfaisance, et

que toutes nos jolies petites y assisteront en grande toilette. Notre excellent confrère, qui avait depuis longtemps promis une causerie sur les coulisses, nous prie d'annoncer que cette causerie aura lieu mardi
